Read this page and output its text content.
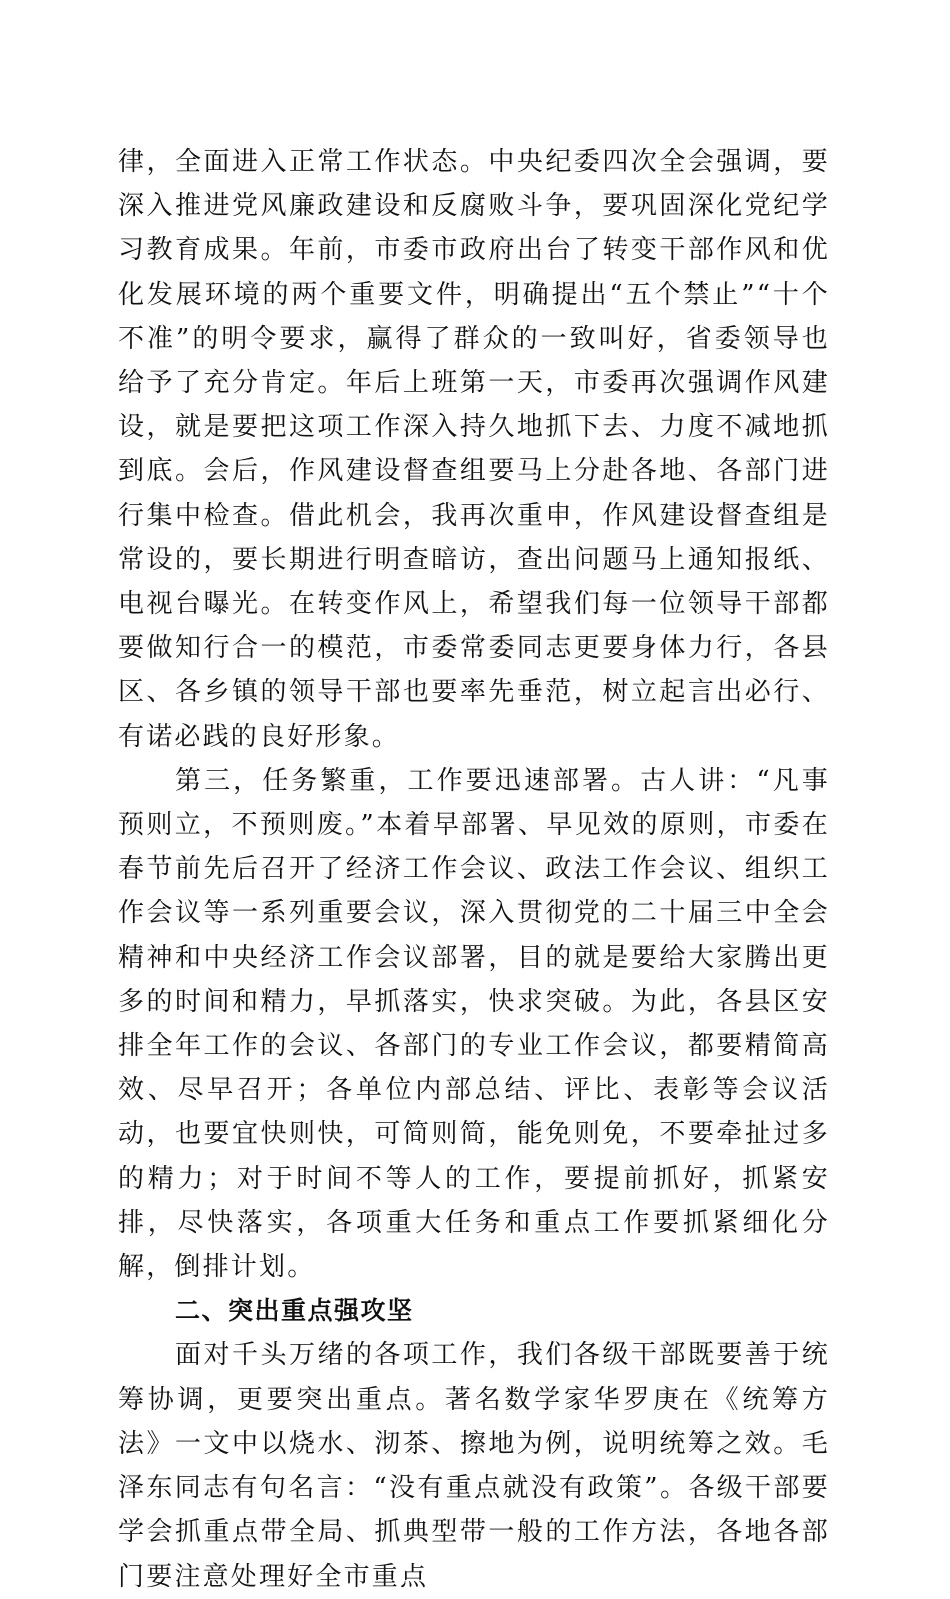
律，全面进入正常工作状态。中央纪委四次全会强调，要深入推进党风廉政建设和反腐败斗争，要巩固深化党纪学习教育成果。年前，市委市政府出台了转变干部作风和优化发展环境的两个重要文件，明确提出“五个禁止”“十个不准”的明令要求，赢得了群众的一致叫好，省委领导也给予了充分肯定。年后上班第一天，市委再次强调作风建设，就是要把这项工作深入持久地抓下去、力度不减地抓到底。会后，作风建设督查组要马上分赴各地、各部门进行集中检查。借此机会，我再次重申，作风建设督查组是常设的，要长期进行明查暗访，查出问题马上通知报纸、电视台曝光。在转变作风上，希望我们每一位领导干部都要做知行合一的模范，市委常委同志更要身体力行，各县区、各乡镇的领导干部也要率先垂范，树立起言出必行、有诺必践的良好形象。

第三，任务繁重，工作要迅速部署。古人讲：“凡事预则立，不预则废。”本着早部署、早见效的原则，市委在春节前先后召开了经济工作会议、政法工作会议、组织工作会议等一系列重要会议，深入贯彻党的二十届三中全会精神和中央经济工作会议部署，目的就是要给大家腾出更多的时间和精力，早抓落实，快求突破。为此，各县区安排全年工作的会议、各部门的专业工作会议，都要精简高效、尽早召开；各单位内部总结、评比、表彰等会议活动，也要宜快则快，可简则简，能免则免，不要牵扯过多的精力；对于时间不等人的工作，要提前抓好，抓紧安排，尽快落实，各项重大任务和重点工作要抓紧细化分解，倒排计划。

二、突出重点强攻坚

面对千头万绪的各项工作，我们各级干部既要善于统筹协调，更要突出重点。著名数学家华罗庚在《统筹方法》一文中以烧水、沏茶、擦地为例，说明统筹之效。毛泽东同志有句名言：“没有重点就没有政策”。各级干部要学会抓重点带全局、抓典型带一般的工作方法，各地各部门要注意处理好全市重点
